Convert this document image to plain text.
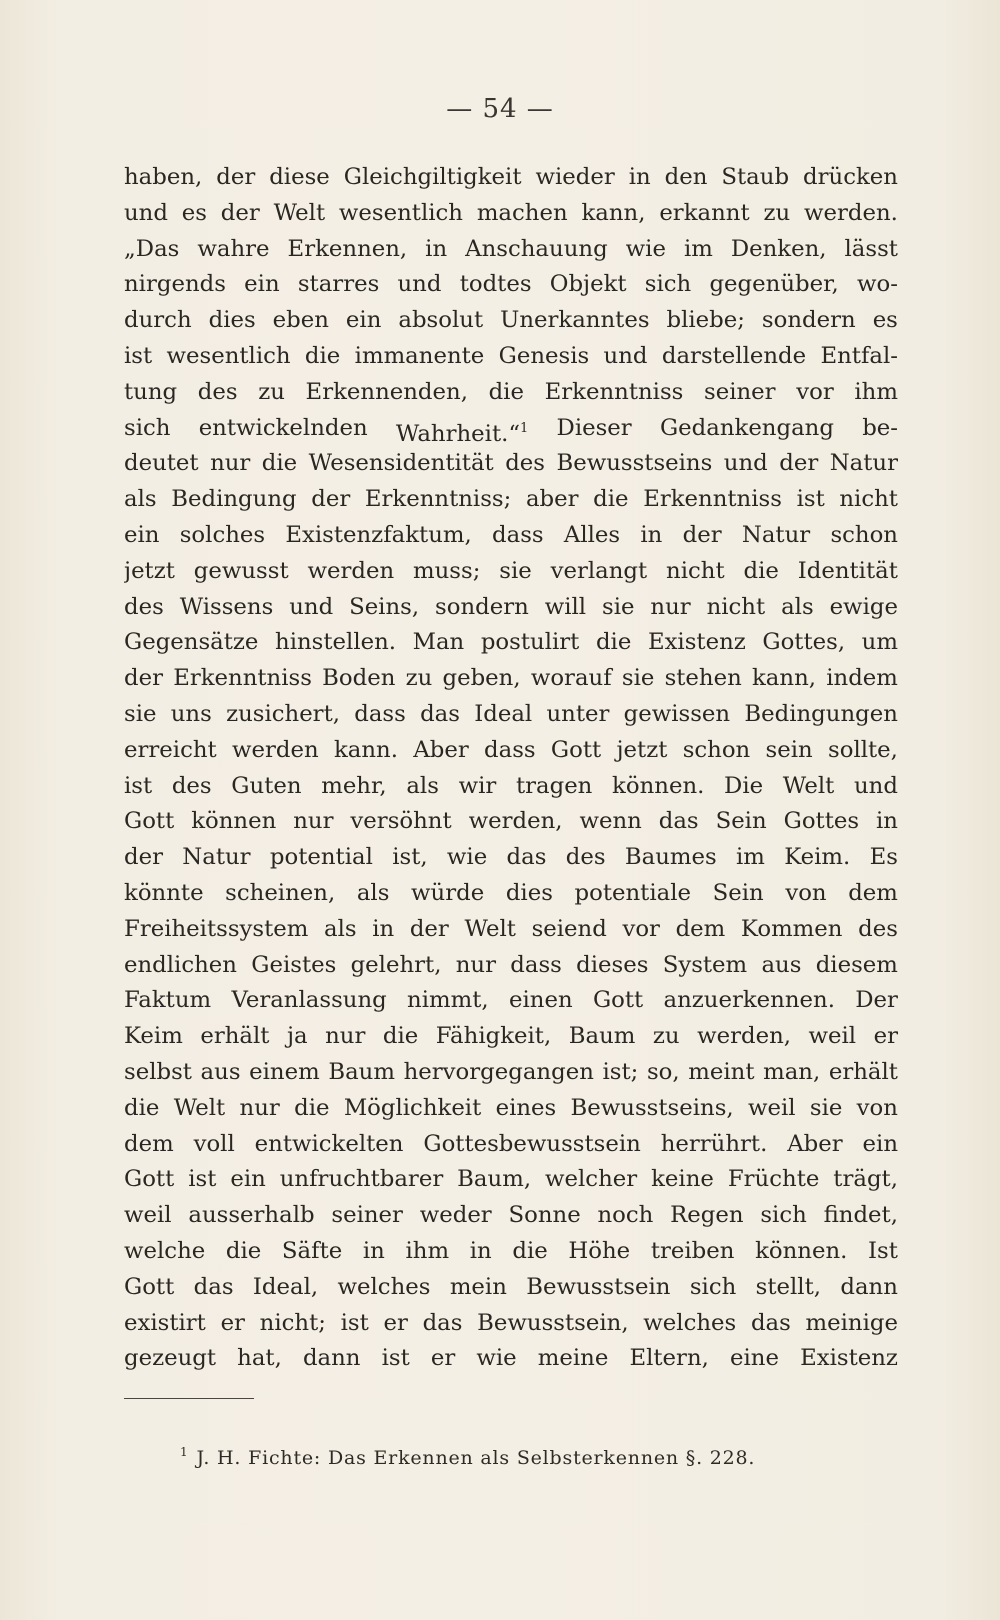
— 54 —
haben, der diese Gleichgiltigkeit wieder in den Staub drücken
und es der Welt wesentlich machen kann, erkannt zu werden.
„Das wahre Erkennen, in Anschauung wie im Denken, lässt
nirgends ein starres und todtes Objekt sich gegenüber, wo-
durch dies eben ein absolut Unerkanntes bliebe; sondern es
ist wesentlich die immanente Genesis und darstellende Entfal-
tung des zu Erkennenden, die Erkenntniss seiner vor ihm
sich entwickelnden Wahrheit.“$^1$ Dieser Gedankengang be-
deutet nur die Wesensidentität des Bewusstseins und der Natur
als Bedingung der Erkenntniss; aber die Erkenntniss ist nicht
ein solches Existenzfaktum, dass Alles in der Natur schon
jetzt gewusst werden muss; sie verlangt nicht die Identität
des Wissens und Seins, sondern will sie nur nicht als ewige
Gegensätze hinstellen. Man postulirt die Existenz Gottes, um
der Erkenntniss Boden zu geben, worauf sie stehen kann, indem
sie uns zusichert, dass das Ideal unter gewissen Bedingungen
erreicht werden kann. Aber dass Gott jetzt schon sein sollte,
ist des Guten mehr, als wir tragen können. Die Welt und
Gott können nur versöhnt werden, wenn das Sein Gottes in
der Natur potential ist, wie das des Baumes im Keim. Es
könnte scheinen, als würde dies potentiale Sein von dem
Freiheitssystem als in der Welt seiend vor dem Kommen des
endlichen Geistes gelehrt, nur dass dieses System aus diesem
Faktum Veranlassung nimmt, einen Gott anzuerkennen. Der
Keim erhält ja nur die Fähigkeit, Baum zu werden, weil er
selbst aus einem Baum hervorgegangen ist; so, meint man, erhält
die Welt nur die Möglichkeit eines Bewusstseins, weil sie von
dem voll entwickelten Gottesbewusstsein herrührt. Aber ein
Gott ist ein unfruchtbarer Baum, welcher keine Früchte trägt,
weil ausserhalb seiner weder Sonne noch Regen sich findet,
welche die Säfte in ihm in die Höhe treiben können. Ist
Gott das Ideal, welches mein Bewusstsein sich stellt, dann
existirt er nicht; ist er das Bewusstsein, welches das meinige
gezeugt hat, dann ist er wie meine Eltern, eine Existenz
$^1$ J. H. Fichte: Das Erkennen als Selbsterkennen §. 228.
